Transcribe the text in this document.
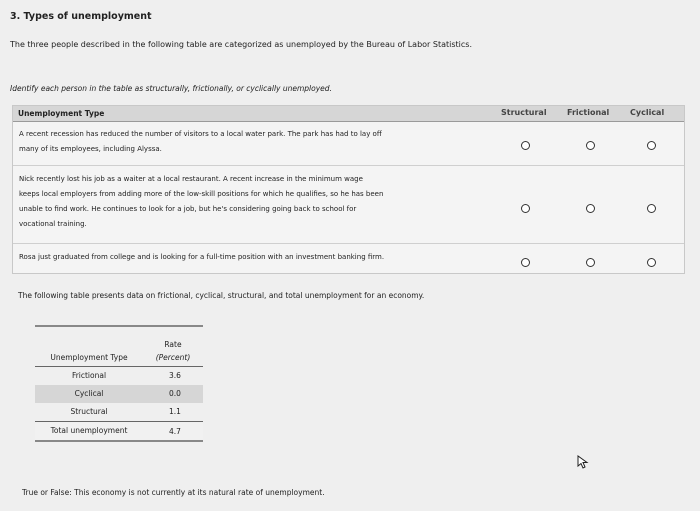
3. Types of unemployment
The three people described in the following table are categorized as unemployed by the Bureau of Labor Statistics.
Identify each person in the table as structurally, frictionally, or cyclically unemployed.
Unemployment Type	Structural	Frictional	Cyclical
A recent recession has reduced the number of visitors to a local water park. The park has had to lay off
many of its employees, including Alyssa.
Nick recently lost his job as a waiter at a local restaurant. A recent increase in the minimum wage
keeps local employers from adding more of the low-skill positions for which he qualifies, so he has been
unable to find work. He continues to look for a job, but he's considering going back to school for
vocational training.
Rosa just graduated from college and is looking for a full-time position with an investment banking firm.
The following table presents data on frictional, cyclical, structural, and total unemployment for an economy.
Rate
Unemployment Type	(Percent)
Frictional	3.6
Cyclical	0.0
Structural	1.1
Total unemployment	4.7
True or False: This economy is not currently at its natural rate of unemployment.
